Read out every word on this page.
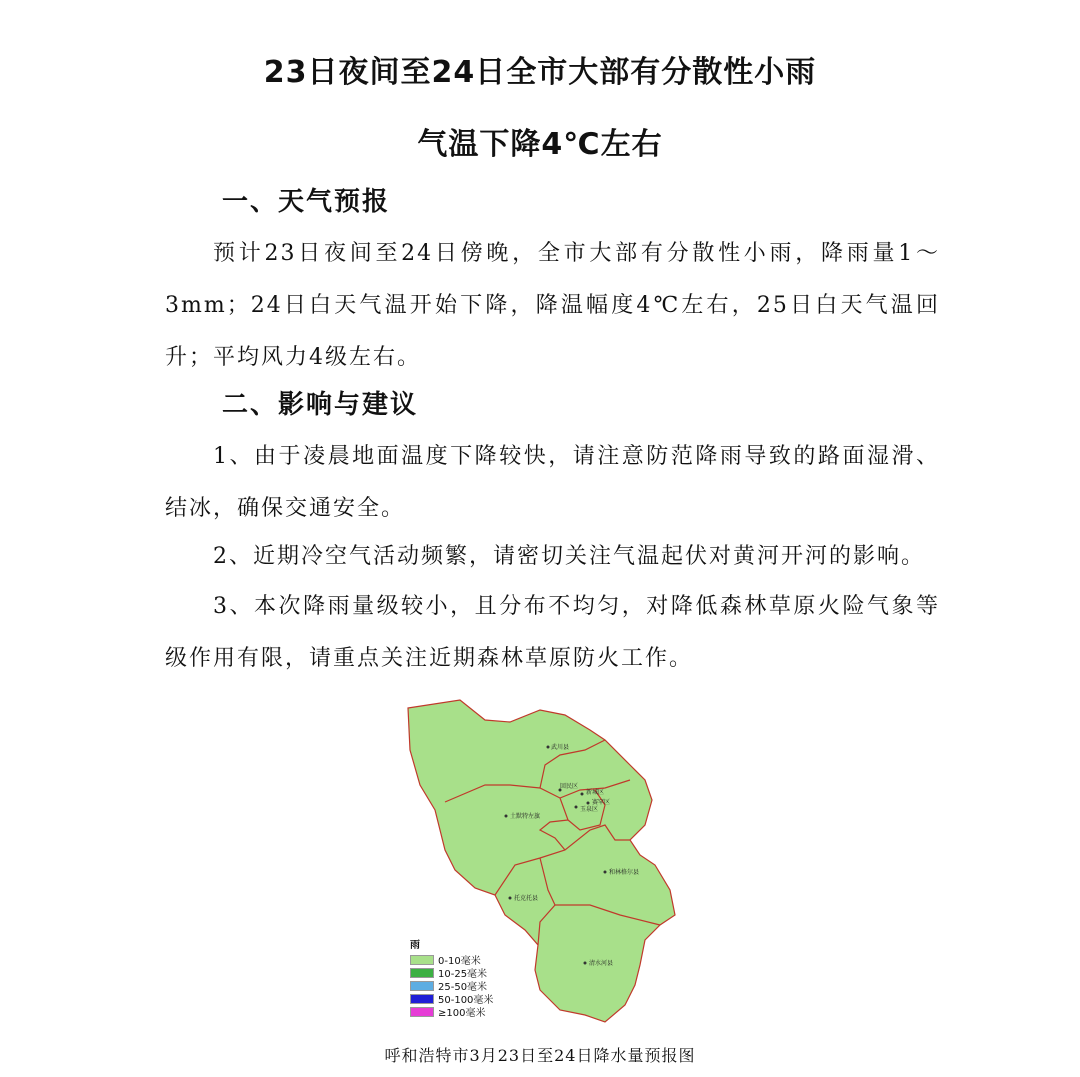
23日夜间至24日全市大部有分散性小雨
气温下降4℃左右
一、天气预报

预计23日夜间至24日傍晚，全市大部有分散性小雨，降雨量1～3mm；24日白天气温开始下降，降温幅度4℃左右，25日白天气温回升；平均风力4级左右。

二、影响与建议

1、由于凌晨地面温度下降较快，请注意防范降雨导致的路面湿滑、结冰，确保交通安全。

2、近期冷空气活动频繁，请密切关注气温起伏对黄河开河的影响。

3、本次降雨量级较小，且分布不均匀，对降低森林草原火险气象等级作用有限，请重点关注近期森林草原防火工作。

武川县
回民区
新城区
赛罕区
玉泉区
土默特左旗
和林格尔县
托克托县
清水河县
雨
0-10毫米
10-25毫米
25-50毫米
50-100毫米
≥100毫米

呼和浩特市3月23日至24日降水量预报图
